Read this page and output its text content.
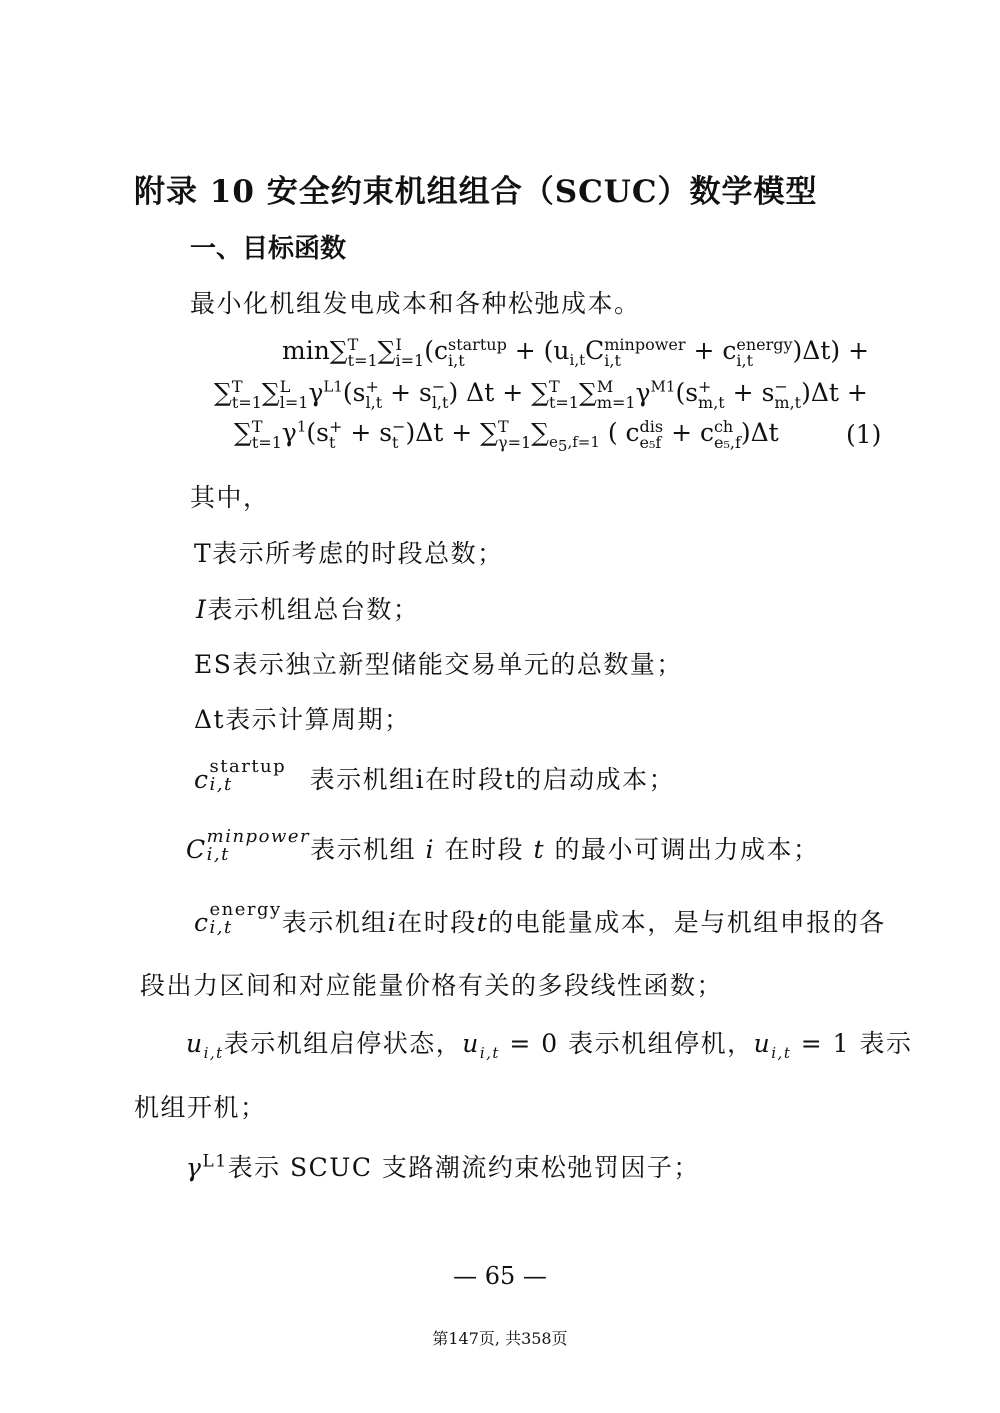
附录 10 安全约束机组组合（SCUC）数学模型
一、目标函数
最小化机组发电成本和各种松弛成本。
min∑ T
t=1 ∑ I
i=1 (c startup
i,t	+ ($u_{i,t}C$ minpower
i,t	+ c energy
i,t	)Δt) +
∑ T
t=1 ∑ L
l=1 $\gamma^{L1}(s$ +
l,t + s −
l,t ) Δt + ∑ T
t=1 ∑ M
m=1 $\gamma^{M1}(s$ +
m,t + s −
m,t )Δt +
∑ T
t=1 $\gamma^1(s$ +
t + s −
t )Δt + ∑ T
γ=1 $\sum_{e_5,f=1}$ ( c dis
e₅f + c ch
e₅,f )Δt	(1)
其中，
T表示所考虑的时段总数；
I表示机组总台数；
ES表示独立新型储能交易单元的总数量；
Δt表示计算周期；
c startup
i,t	表示机组i在时段t的启动成本；
C minpower
i,t	表示机组 i 在时段 t 的最小可调出力成本；
c energy
i,t	表示机组i在时段t的电能量成本，是与机组申报的各
段出力区间和对应能量价格有关的多段线性函数；
$u_{i,t}$表示机组启停状态，$u_{i,t} = 0$ 表示机组停机，$u_{i,t} = 1$ 表示
机组开机；
$\gamma^{L1}$表示 SCUC 支路潮流约束松弛罚因子；
— 65 —
第147页, 共358页
